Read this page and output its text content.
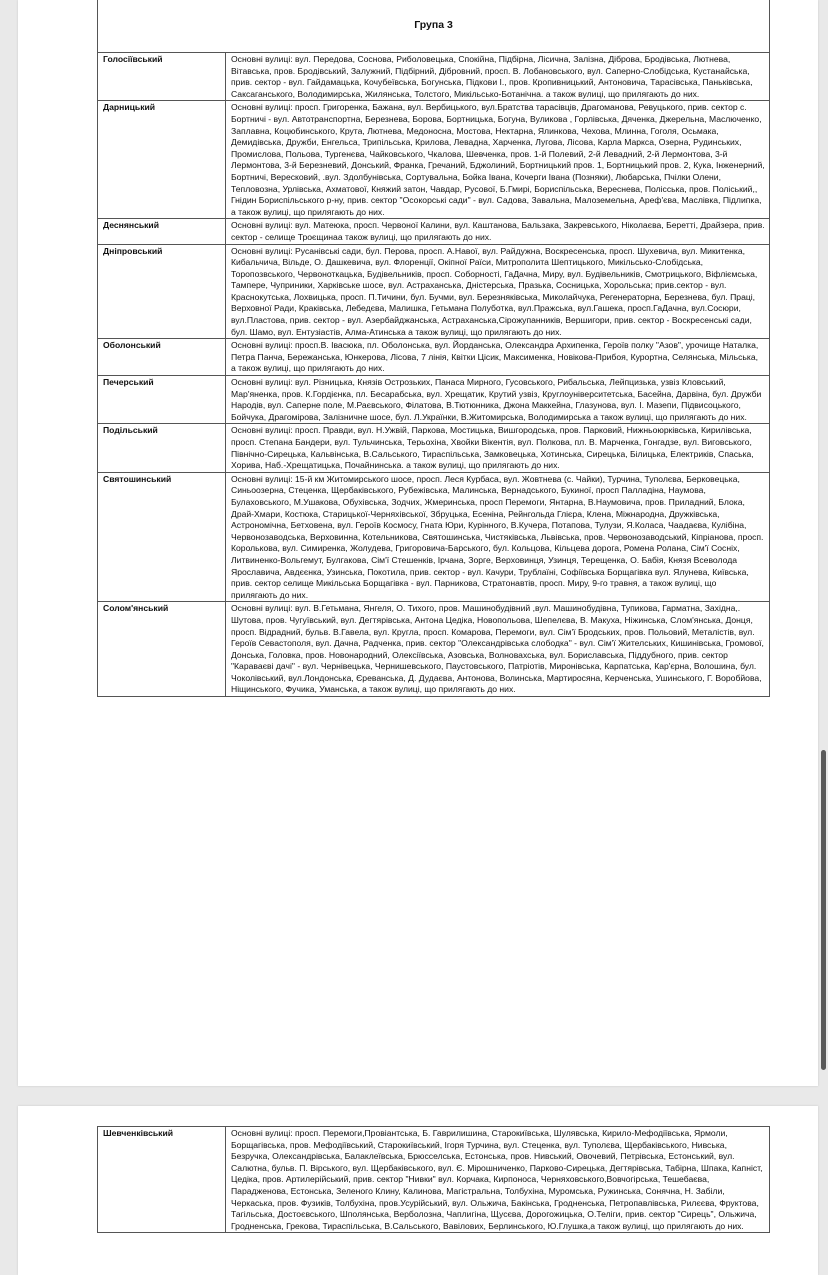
Група 3	
Голосіївський	Основні вулиці: вул. Передова, Соснова, Риболовецька, Спокійна, Підбірна, Лісична, Залізна, Діброва, Бродівська, Лютнева, Вітавська, пров. Бродівський, Залужний, Підбірний, Дібровний, просп. В. Лобановського, вул. Саперно-Слобідська, Кустанайська, прив. сектор - вул. Гайдамацька, Кочубеївська, Богунська, Підкови І., пров. Кропивницький, Антоновича, Тарасівська, Паньківська, Саксаганського, Володимирська, Жилянська, Толстого, Микільсько-Ботанічна. а також вулиці, що прилягають до них.
Дарницький	Основні вулиці: просп. Григоренка, Бажана, вул. Вербицького, вул.Братства тарасівців, Драгоманова, Ревуцького, прив. сектор с. Бортничі - вул. Автотранспортна, Березнева, Борова, Бортницька, Богуна, Вуликова , Горлівська, Дяченка, Джерельна, Маслюченко, Заплавна, Коцюбинського, Крута, Лютнева, Медоноcна, Мостова, Нектарна, Ялинкова, Чехова, Млинна, Гоголя, Осьмака, Демидівська, Дружби, Енгельса, Трипільська, Крилова, Левадна, Харченка, Лугова, Лісова, Карла Маркса, Озерна, Рудинських, Промислова, Польова, Тургенєва, Чайковського, Чкалова, Шевченка, пров. 1-й Полевий, 2-й Левадний, 2-й Лермонтова, 3-й Лермонтова, 3-й Березневий, Донський, Франка, Гречаний, Бджолиний, Бортницький пров. 1, Бортницький пров. 2, Кука, Інженерний, Бортничі, Вересковий, .вул. Здолбунівська, Сортувальна, Бойка Івана, Кочерги Івана (Позняки), Любарська, Пчілки Олени, Тепловозна, Урлівська, Ахматової, Княжий затон, Чавдар, Русової, Б.Гмирі, Бориспільська, Вереснева, Полісська, пров. Поліський,, Гнідин Бориспільського р-ну, прив. сектор "Осокорські сади" - вул. Садова, Завальна, Малоземельна, Ареф'єва, Маслівка, Підлипка, а також вулиці, що прилягають до них.
Деснянський	Основні вулиці: вул. Матеюка, просп. Червоної Калини, вул. Каштанова, Бальзака, Закревського, Ніколаєва, Беретті, Драйзера, прив. сектор - селище Троєщинаа також вулиці, що прилягають до них.
Дніпровський	Основні вулиці: Русанівські сади, бул. Перова, просп. А.Навої, вул. Райдужна, Воскресенська, просп. Шухевича, вул. Микитенка, Кибальчича, Вільде, О. Дашкевича, вул. Флоренції, Окіпної Раїси, Митрополита Шептицького, Микільсько-Слобідська, Торопозвського, Червоноткацька, Будівельників, просп. Соборності, ГаДачна, Миру, вул. Будівельників, Смотрицького, Віфліємська, Тампере, Чуприники, Харківське шосе, вул. Астраханська, Дністерська, Празька, Сосницька, Хорольська; прив.сектор - вул. Краснокутська, Лохвицька, просп. П.Тичини, бул. Бучми, вул. Березняківська, Миколайчука, Регенераторна, Березнева, бул. Праці, Верховної Ради, Краківська, Лебедєва, Малишка, Гетьмана Полуботка, вул.Пражська, вул.Гашека, просп.ГаДачна, вул.Сосюри, вул.Пластова, прив. сектор - вул. Азербайджанська, Астраханська,Сірожупанників, Вершигори, прив. сектор - Воскресенські сади, бул. Шамо, вул. Ентузіастів, Алма-Атинська а також вулиці, що прилягають до них.
Оболонський	Основні вулиці: просп.В. Івасюка, пл. Оболонська, вул. Йорданська, Олександра Архипенка, Героїв полку "Азов", урочище Наталка, Петра Панча, Бережанська, Юнкерова, Лісова, 7 лінія, Квітки Цісик, Максименка, Новікова-Прибоя, Курортна, Селянська, Мільська, а також вулиці, що прилягають до них.
Печерський	Основні вулиці: вул. Різницька, Князів Острозьких, Панаса Мирного, Гусовського, Рибальська, Лейпцизька, узвіз Кловський, Мар'яненка, пров. К.Гордієнка, пл. Бесарабська, вул. Хрещатик, Крутий узвіз, Круглоуніверситетська, Басейна, Дарвіна, бул. Дружби Народів, вул. Саперне поле, М.Раєвського, Філатова, В.Тютюнника, Джона Маккейна, Глазунова, вул. І. Мазепи, Підвисоцького, Бойчука, Драгомірова, Залізничне шосе, бул. Л.Українки, В.Житомирська, Володимирська а також вулиці, що прилягають до них.
Подільський	Основні вулиці: просп. Правди, вул. Н.Ужвій, Паркова, Мостицька, Вишгородська, пров. Парковий, Нижньоюрківська, Кирилівська, просп. Степана Бандери, вул. Тульчинська, Терьохіна, Хвойки Вікентія, вул. Полкова, пл. В. Марченка, Гонгадзе, вул. Виговського, Північно-Сирецька, Кальвінська, В.Сальського, Тираспільська, Замковецька, Хотинська, Сирецька, Білицька, Електриків, Спаська, Хорива, Наб.-Хрещатицька, Почайнинська. а також вулиці, що прилягають до них.
Святошинський	Основні вулиці: 15-й км Житомирського шосе, просп. Леся Курбаса, вул. Жовтнева (с. Чайки), Турчина, Туполєва, Берковецька, Синьоозерна, Стеценка, Щербаківського, Рубежівська, Малинська, Вернадського, Букиної, просп Палладіна, Наумова, Булаховського, М.Ушакова, Обухівська, Зодчих, Жмеринська, просп Перемоги, Янтарна, В.Наумовича, пров. Приладний, Блока, Драй-Хмари, Костюка, Старицької-Черняхівської, Збруцька, Есеніна, Рейнгольда Глієра, Клена, Міжнародна, Дружківська, Астрономічна, Бетховена, вул. Героїв Космосу, Гната Юри, Курінного, В.Кучера, Потапова, Тулузи, Я.Коласа, Чаадаєва, Кулібіна, Червонозаводська, Верховинна, Котельникова, Святошинська, Чистяківська, Львівська, пров. Червонозаводський, Кіпріанова, просп. Королькова, вул. Симиренка, Жолудева, Григоровича-Барського, бул. Кольцова, Кільцева дорога, Ромена Ролана, Сім'ї Сосніх, Литвиненко-Вольгемут, Булгакова, Сім'ї Стешенків, Ірчана, Зорге, Верховинця, Узинця, Терещенка, О. Бабія, Князя Всеволода Ярославича, Авдєєнка, Узинська, Покотила, прив. сектор - вул. Качури, Трублаїні, Софіївська Борщагівка вул. Ялунева, Київська, прив. сектор селище Микільська Борщагівка - вул. Парникова, Стратонавтів, просп. Миру, 9-го травня, а також вулиці, що прилягають до них.
Солом'янський	Основні вулиці: вул. В.Гетьмана, Янгеля, О. Тихого, пров. Машинобудівний ,вул. Машинобудівна, Тупикова, Гарматна, Західна,. Шутова, пров. Чугуївський, вул. Дегтярівська, Антона Цедіка, Новопольова, Шепелєва, В. Макуха, Ніжинська, Слом'янська, Донця, просп. Відрадний, бульв. В.Гавела, вул. Кругла, просп. Комарова, Перемоги, вул. Сім'ї Бродських, пров. Польовий, Металістів, вул. Героїв Севастополя, вул. Дачна, Радченка, прив. сектор "Олександрівська слободка" - вул. Сім'ї Жителських, Кишинівська, Громової, Донська, Головка, пров. Новонародний, Олексіївська, Азовська, Волновахська, вул. Бориславська, Піддубного, прив. сектор "Караваєві дачі" - вул. Чернівецька, Чернишевського, Паустовського, Патріотів, Миронівська, Карпатська, Кар'єрна, Волошина, бул. Чоколівський, вул.Лондонська, Єреванська, Д. Дудаєва, Антонова, Волинська, Мартиросяна, Керченська, Ушинського, Г. Воробйова, Ніщинського, Фучика, Уманська, а також вулиці, що прилягають до них.
Шевченківський	Основні вулиці: просп. Перемоги,Провіантська, Б. Гаврилишина, Старокиївська, Шулявська, Кирило-Мефодіївська, Ярмоли, Борщагівська, пров. Мефодіївський, Старокиївський, Ігоря Турчина, вул. Стеценка, вул. Туполєва, Щербаківського, Нивська, Безручка, Олександрівська, Балаклеївська, Брюсселська, Естонська, пров. Нивський, Овочевий, Петрівська, Естонський, вул. Салютна, бульв. П. Вірського, вул. Щербаківського, вул. Є. Мірошниченко, Парково-Сирецька, Дегтярівська, Табірна, Шпака, Капніст, Цедіка, пров. Артилерійський, прив. сектор "Нивки" вул. Корчака, Кирпоноса, Черняховського,Вовчогірська, Тешебаєва, Парадженова, Естонська, Зеленого Клину, Калинова, Магістральна, Толбухіна, Муромська, Ружинська, Сонячна, Н. Забіли, Черкаська, пров. Фузиків, Толбухіна, пров.Усурійський, вул. Ольжича, Бакінська, Гродненська, Петропавлівська, Рилєєва, Фруктова, Тагільська, Достоєвського, Шполянська, Верболозна, Чаплигіна, Щусєва, Дорогожицька, О.Теліги, прив. сектор "Сирець", Ольжича, Гродненська, Грекова, Тираспільська, В.Сальського, Вавілових, Берлинського, Ю.Глушка,а також вулиці, що прилягають до них.
